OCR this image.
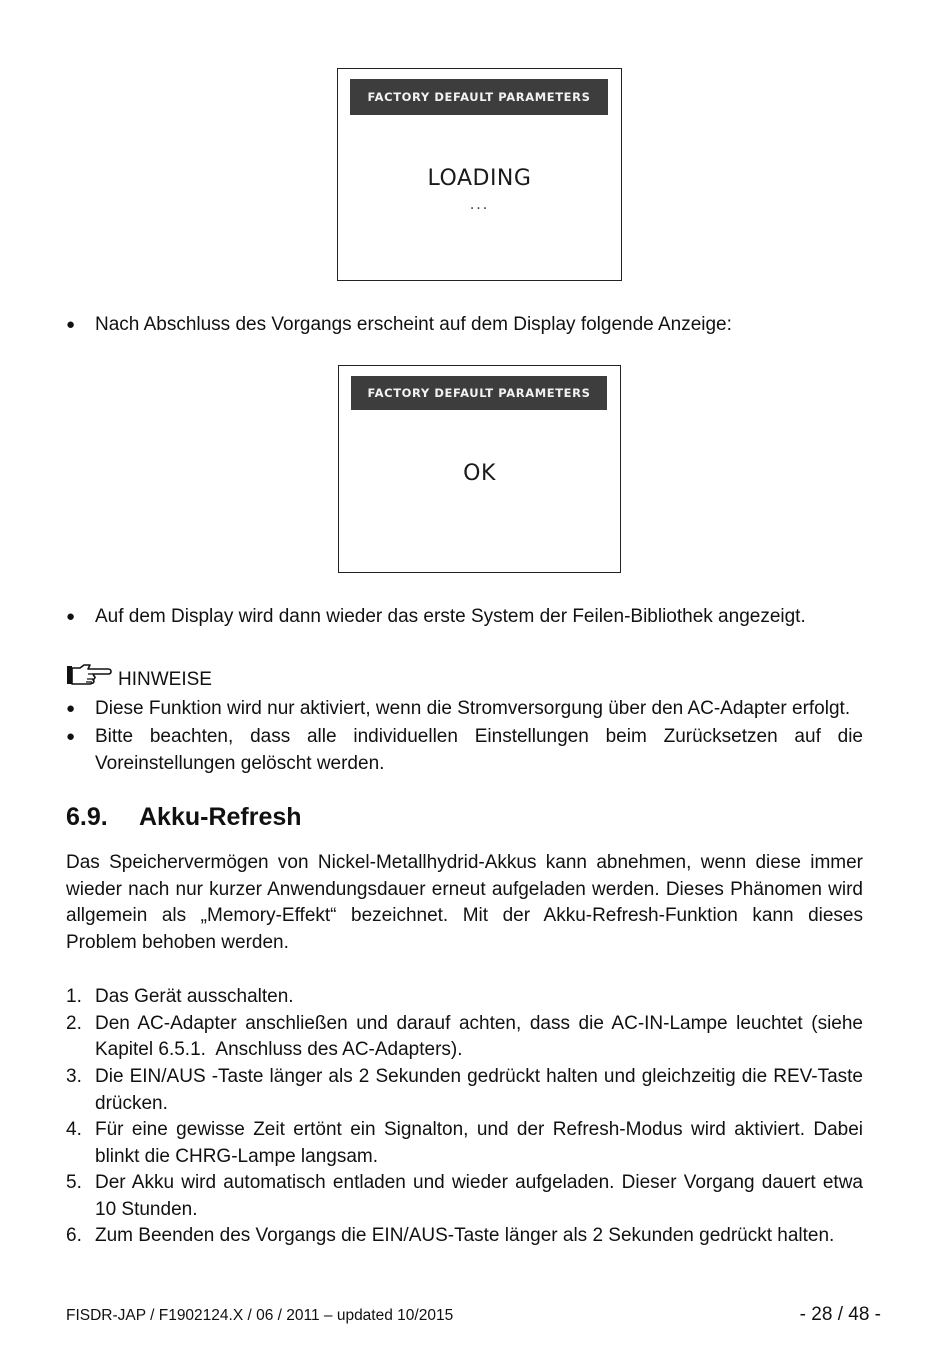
FACTORY DEFAULT PARAMETERS
LOADING
...
● Nach Abschluss des Vorgangs erscheint auf dem Display folgende Anzeige:
FACTORY DEFAULT PARAMETERS
OK
● Auf dem Display wird dann wieder das erste System der Feilen-Bibliothek angezeigt.
HINWEISE
● Diese Funktion wird nur aktiviert, wenn die Stromversorgung über den AC-Adapter erfolgt.
● Bitte beachten, dass alle individuellen Einstellungen beim Zurücksetzen auf die
Voreinstellungen gelöscht werden.
6.9. Akku-Refresh
Das Speichervermögen von Nickel-Metallhydrid-Akkus kann abnehmen, wenn diese immer
wieder nach nur kurzer Anwendungsdauer erneut aufgeladen werden. Dieses Phänomen wird
allgemein als „Memory-Effekt“ bezeichnet. Mit der Akku-Refresh-Funktion kann dieses
Problem behoben werden.
1. Das Gerät ausschalten.
2. Den AC-Adapter anschließen und darauf achten, dass die AC-IN-Lampe leuchtet (siehe
Kapitel 6.5.1.  Anschluss des AC-Adapters).
3. Die EIN/AUS -Taste länger als 2 Sekunden gedrückt halten und gleichzeitig die REV-Taste
drücken.
4. Für eine gewisse Zeit ertönt ein Signalton, und der Refresh-Modus wird aktiviert. Dabei
blinkt die CHRG-Lampe langsam.
5. Der Akku wird automatisch entladen und wieder aufgeladen. Dieser Vorgang dauert etwa
10 Stunden.
6. Zum Beenden des Vorgangs die EIN/AUS-Taste länger als 2 Sekunden gedrückt halten.
FISDR-JAP / F1902124.X / 06 / 2011 – updated 10/2015	- 28 / 48 -
